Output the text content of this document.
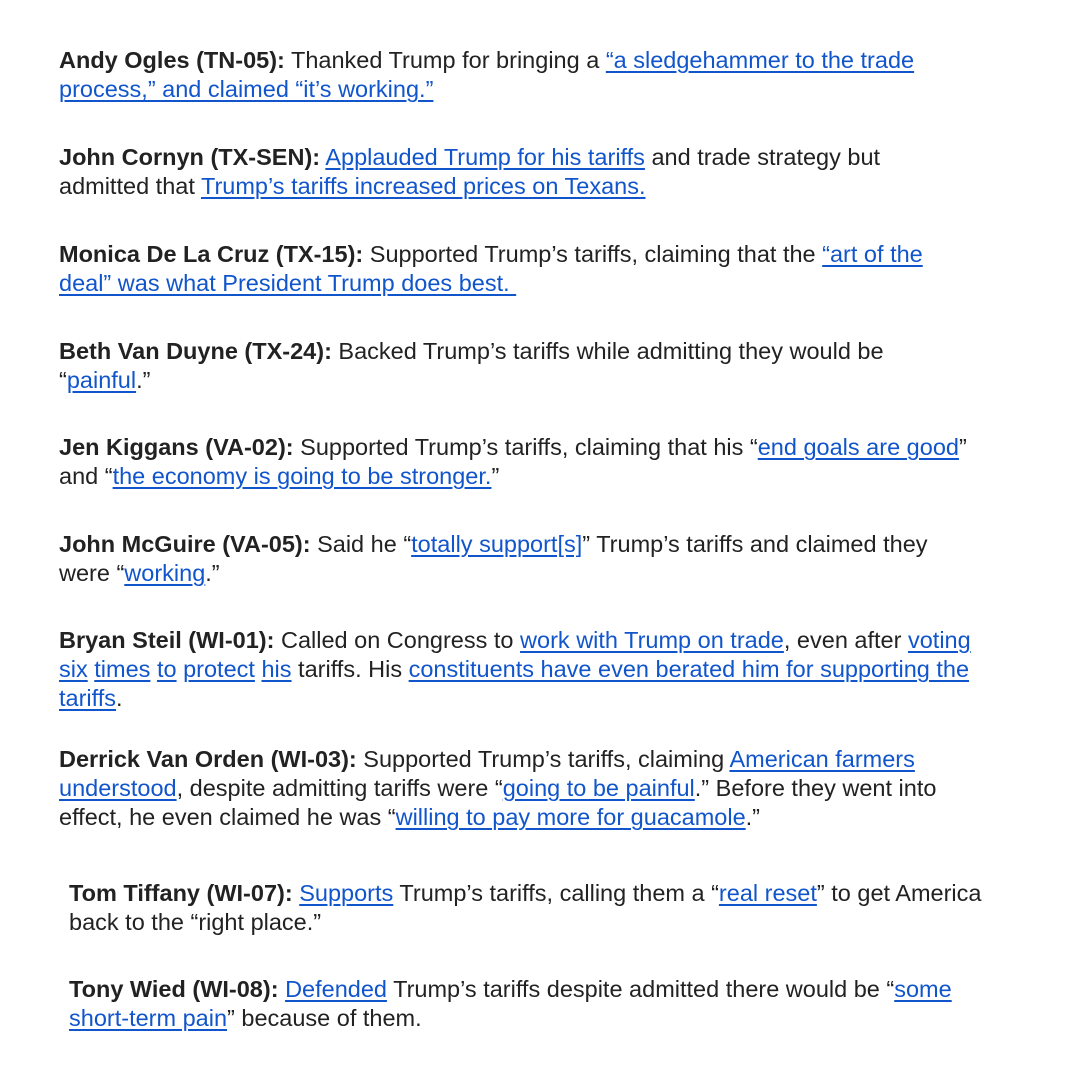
Andy Ogles (TN-05): Thanked Trump for bringing a “a sledgehammer to the trade
process,” and claimed “it’s working.”
John Cornyn (TX-SEN): Applauded Trump for his tariffs and trade strategy but
admitted that Trump’s tariffs increased prices on Texans.
Monica De La Cruz (TX-15): Supported Trump’s tariffs, claiming that the “art of the
deal” was what President Trump does best.
Beth Van Duyne (TX-24): Backed Trump’s tariffs while admitting they would be
“painful.”
Jen Kiggans (VA-02): Supported Trump’s tariffs, claiming that his “end goals are good”
and “the economy is going to be stronger.”
John McGuire (VA-05): Said he “totally support[s]” Trump’s tariffs and claimed they
were “working.”
Bryan Steil (WI-01): Called on Congress to work with Trump on trade, even after voting
six times to protect his tariffs. His constituents have even berated him for supporting the
tariffs.
Derrick Van Orden (WI-03): Supported Trump’s tariffs, claiming American farmers
understood, despite admitting tariffs were “going to be painful.” Before they went into
effect, he even claimed he was “willing to pay more for guacamole.”
Tom Tiffany (WI-07): Supports Trump’s tariffs, calling them a “real reset” to get America
back to the “right place.”
Tony Wied (WI-08): Defended Trump’s tariffs despite admitted there would be “some
short-term pain” because of them.
